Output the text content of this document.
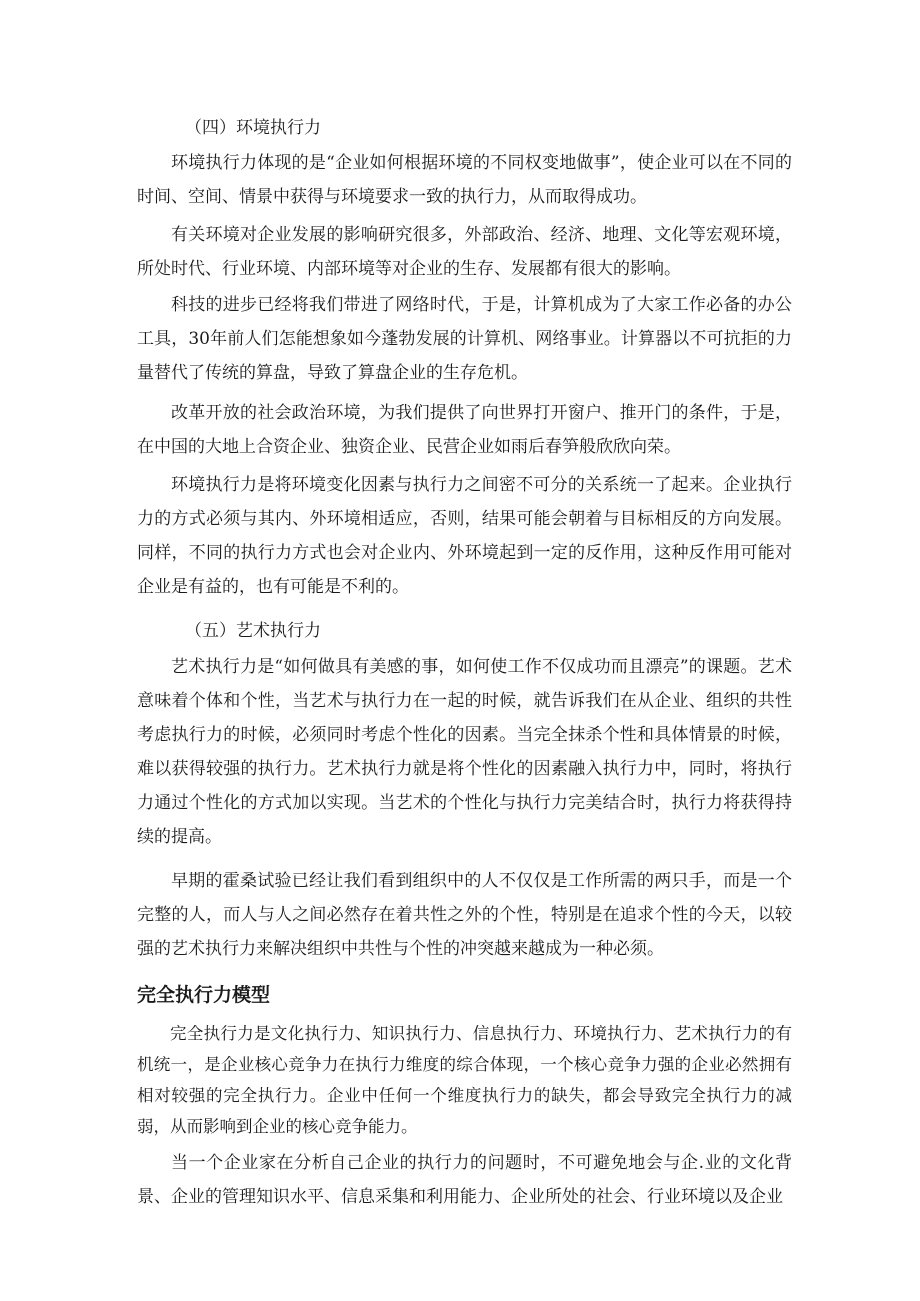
（四）环境执行力

环境执行力体现的是“企业如何根据环境的不同权变地做事”，使企业可以在不同的时间、空间、情景中获得与环境要求一致的执行力，从而取得成功。

有关环境对企业发展的影响研究很多，外部政治、经济、地理、文化等宏观环境，所处时代、行业环境、内部环境等对企业的生存、发展都有很大的影响。

科技的进步已经将我们带进了网络时代，于是，计算机成为了大家工作必备的办公工具，30年前人们怎能想象如今蓬勃发展的计算机、网络事业。计算器以不可抗拒的力量替代了传统的算盘，导致了算盘企业的生存危机。

改革开放的社会政治环境，为我们提供了向世界打开窗户、推开门的条件，于是，在中国的大地上合资企业、独资企业、民营企业如雨后春笋般欣欣向荣。

环境执行力是将环境变化因素与执行力之间密不可分的关系统一了起来。企业执行力的方式必须与其内、外环境相适应，否则，结果可能会朝着与目标相反的方向发展。同样，不同的执行力方式也会对企业内、外环境起到一定的反作用，这种反作用可能对企业是有益的，也有可能是不利的。

（五）艺术执行力

艺术执行力是“如何做具有美感的事，如何使工作不仅成功而且漂亮”的课题。艺术意味着个体和个性，当艺术与执行力在一起的时候，就告诉我们在从企业、组织的共性考虑执行力的时候，必须同时考虑个性化的因素。当完全抹杀个性和具体情景的时候，难以获得较强的执行力。艺术执行力就是将个性化的因素融入执行力中，同时，将执行力通过个性化的方式加以实现。当艺术的个性化与执行力完美结合时，执行力将获得持续的提高。

早期的霍桑试验已经让我们看到组织中的人不仅仅是工作所需的两只手，而是一个完整的人，而人与人之间必然存在着共性之外的个性，特别是在追求个性的今天，以较强的艺术执行力来解决组织中共性与个性的冲突越来越成为一种必须。

完全执行力模型

完全执行力是文化执行力、知识执行力、信息执行力、环境执行力、艺术执行力的有机统一，是企业核心竞争力在执行力维度的综合体现，一个核心竞争力强的企业必然拥有相对较强的完全执行力。企业中任何一个维度执行力的缺失，都会导致完全执行力的减弱，从而影响到企业的核心竞争能力。

当一个企业家在分析自己企业的执行力的问题时，不可避免地会与企.业的文化背景、企业的管理知识水平、信息采集和利用能力、企业所处的社会、行业环境以及企业
